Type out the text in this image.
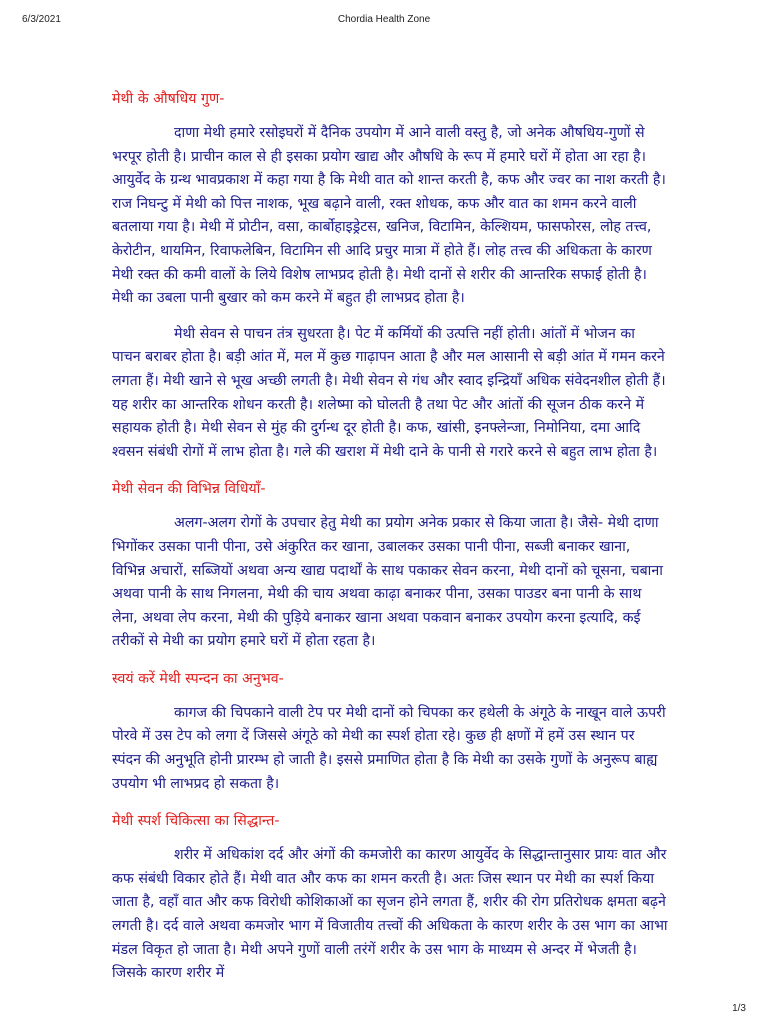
6/3/2021	Chordia Health Zone
मेथी के औषधिय गुण-

दाणा मेथी हमारे रसोइघरों में दैनिक उपयोग में आने वाली वस्तु है, जो अनेक औषधिय-गुणों से भरपूर होती है। प्राचीन काल से ही इसका प्रयोग खाद्य और औषधि के रूप में हमारे घरों में होता आ रहा है। आयुर्वेद के ग्रन्थ भावप्रकाश में कहा गया है कि मेथी वात को शान्त करती है, कफ और ज्वर का नाश करती है। राज निघन्टु में मेथी को पित्त नाशक, भूख बढ़ाने वाली, रक्त शोधक, कफ और वात का शमन करने वाली बतलाया गया है। मेथी में प्रोटीन, वसा, कार्बोहाइड्रेटस, खनिज, विटामिन, केल्शियम, फासफोरस, लोह तत्त्व, केरोटीन, थायमिन, रिवाफलेबिन, विटामिन सी आदि प्रचुर मात्रा में होते हैं। लोह तत्त्व की अधिकता के कारण मेथी रक्त की कमी वालों के लिये विशेष लाभप्रद होती है। मेथी दानों से शरीर की आन्तरिक सफाई होती है। मेथी का उबला पानी बुखार को कम करने में बहुत ही लाभप्रद होता है।

मेथी सेवन से पाचन तंत्र सुधरता है। पेट में कर्मियों की उत्पत्ति नहीं होती। आंतों में भोजन का पाचन बराबर होता है। बड़ी आंत में, मल में कुछ गाढ़ापन आता है और मल आसानी से बड़ी आंत में गमन करने लगता हैं। मेथी खाने से भूख अच्छी लगती है। मेथी सेवन से गंध और स्वाद इन्द्रियाँ अधिक संवेदनशील होती हैं। यह शरीर का आन्तरिक शोधन करती है। शलेष्मा को घोलती है तथा पेट और आंतों की सूजन ठीक करने में सहायक होती है। मेथी सेवन से मुंह की दुर्गन्ध दूर होती है। कफ, खांसी, इनफ्लेन्जा, निमोनिया, दमा आदि श्वसन संबंधी रोगों में लाभ होता है। गले की खराश में मेथी दाने के पानी से गरारे करने से बहुत लाभ होता है।

मेथी सेवन की विभिन्न विधियाँ-

अलग-अलग रोगों के उपचार हेतु मेथी का प्रयोग अनेक प्रकार से किया जाता है। जैसे- मेथी दाणा भिगोंकर उसका पानी पीना, उसे अंकुरित कर खाना, उबालकर उसका पानी पीना, सब्जी बनाकर खाना, विभिन्न अचारों, सब्जियों अथवा अन्य खाद्य पदार्थों के साथ पकाकर सेवन करना, मेथी दानों को चूसना, चबाना अथवा पानी के साथ निगलना, मेथी की चाय अथवा काढ़ा बनाकर पीना, उसका पाउडर बना पानी के साथ लेना, अथवा लेप करना, मेथी की पुड़िये बनाकर खाना अथवा पकवान बनाकर उपयोग करना इत्यादि, कई तरीकों से मेथी का प्रयोग हमारे घरों में होता रहता है।

स्वयं करें मेथी स्पन्दन का अनुभव-

कागज की चिपकाने वाली टेप पर मेथी दानों को चिपका कर हथेली के अंगूठे के नाखून वाले ऊपरी पोरवे में उस टेप को लगा दें जिससे अंगूठे को मेथी का स्पर्श होता रहे। कुछ ही क्षणों में हमें उस स्थान पर स्पंदन की अनुभूति होनी प्रारम्भ हो जाती है। इससे प्रमाणित होता है कि मेथी का उसके गुणों के अनुरूप बाह्य उपयोग भी लाभप्रद हो सकता है।

मेथी स्पर्श चिकित्सा का सिद्धान्त-

शरीर में अधिकांश दर्द और अंगों की कमजोरी का कारण आयुर्वेद के सिद्धान्तानुसार प्रायः वात और कफ संबंधी विकार होते हैं। मेथी वात और कफ का शमन करती है। अतः जिस स्थान पर मेथी का स्पर्श किया जाता है, वहाँ वात और कफ विरोधी कोशिकाओं का सृजन होने लगता हैं, शरीर की रोग प्रतिरोधक क्षमता बढ़ने लगती है। दर्द वाले अथवा कमजोर भाग में विजातीय तत्त्वों की अधिकता के कारण शरीर के उस भाग का आभा मंडल विकृत हो जाता है। मेथी अपने गुणों वाली तरंगें शरीर के उस भाग के माध्यम से अन्दर में भेजती है। जिसके कारण शरीर में

1/3
